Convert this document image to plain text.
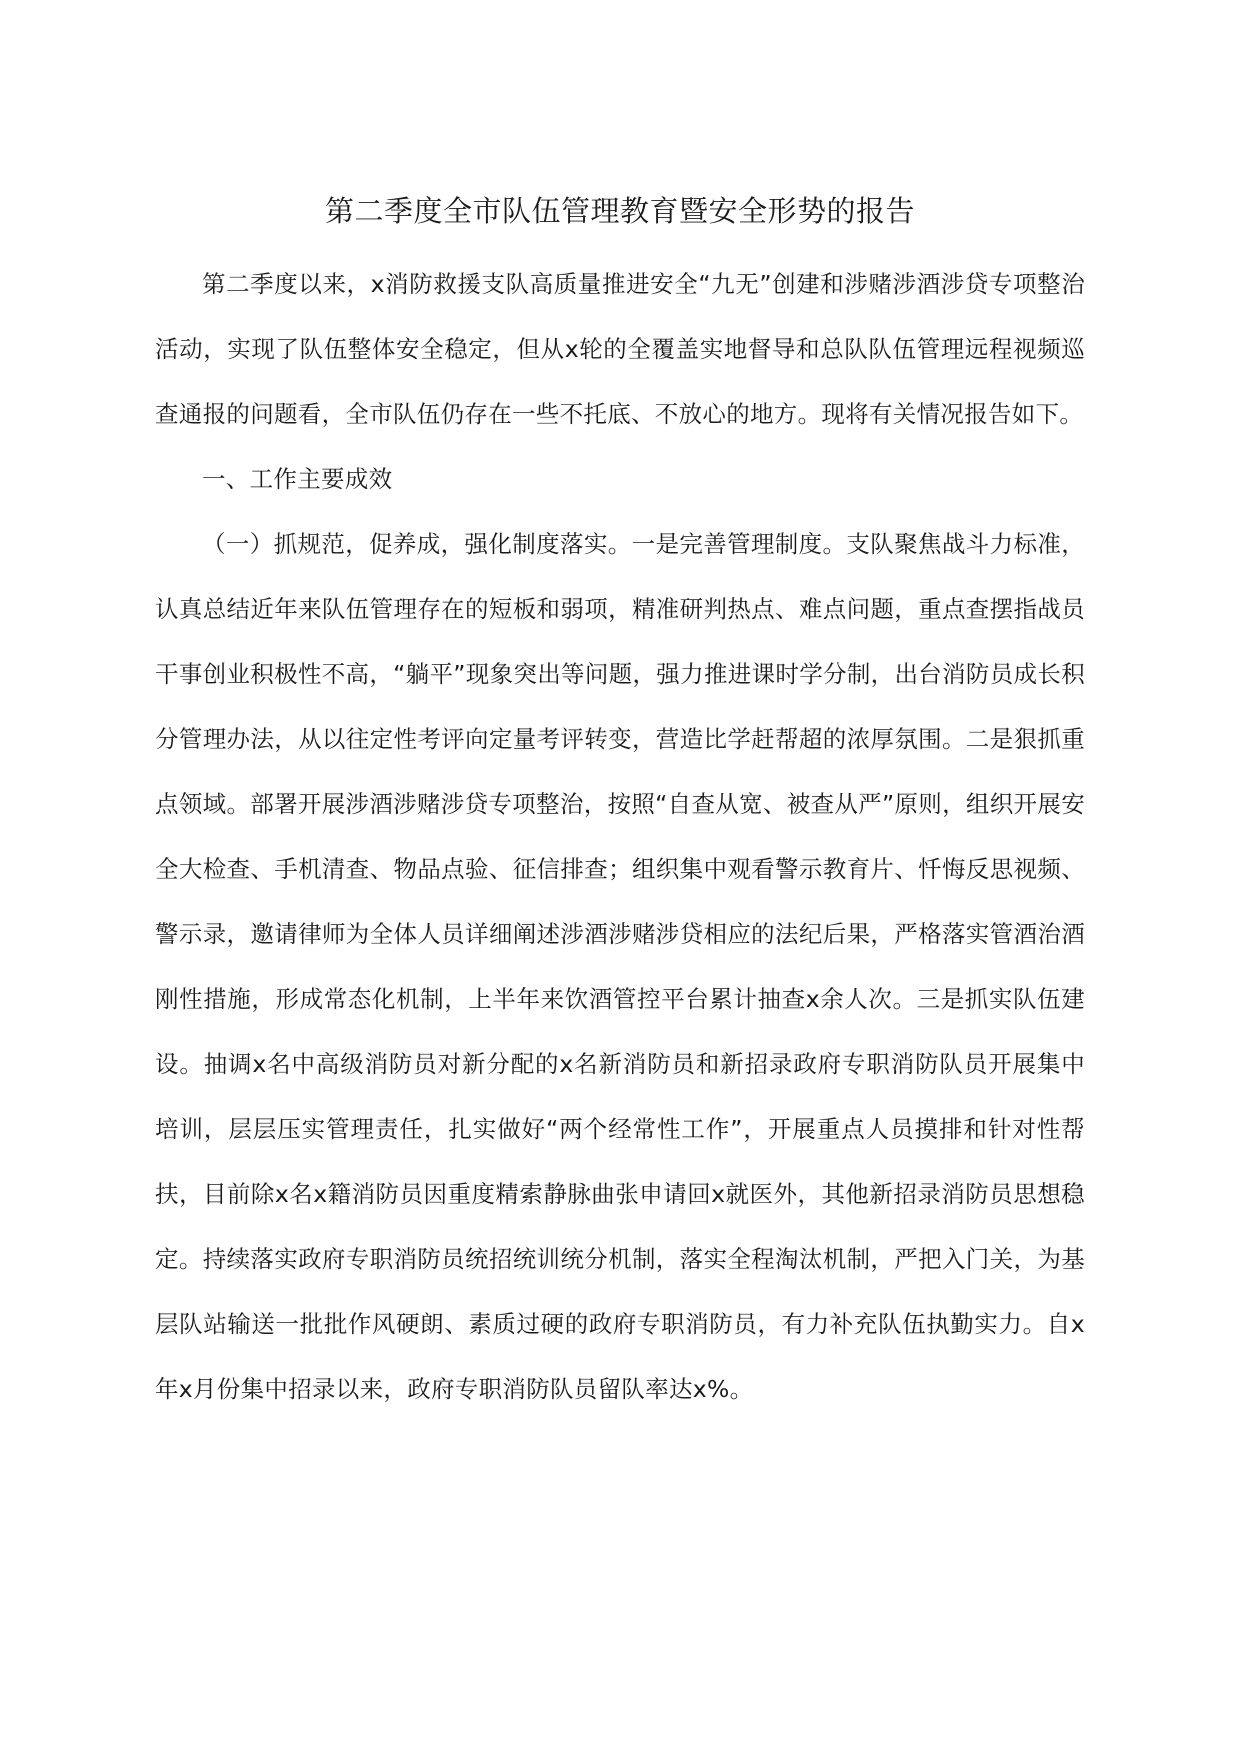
第二季度全市队伍管理教育暨安全形势的报告

第二季度以来，x消防救援支队高质量推进安全“九无”创建和涉赌涉酒涉贷专项整治活动，实现了队伍整体安全稳定，但从x轮的全覆盖实地督导和总队队伍管理远程视频巡查通报的问题看，全市队伍仍存在一些不托底、不放心的地方。现将有关情况报告如下。

一、工作主要成效

（一）抓规范，促养成，强化制度落实。一是完善管理制度。支队聚焦战斗力标准，认真总结近年来队伍管理存在的短板和弱项，精准研判热点、难点问题，重点查摆指战员干事创业积极性不高，“躺平”现象突出等问题，强力推进课时学分制，出台消防员成长积分管理办法，从以往定性考评向定量考评转变，营造比学赶帮超的浓厚氛围。二是狠抓重点领域。部署开展涉酒涉赌涉贷专项整治，按照“自查从宽、被查从严”原则，组织开展安全大检查、手机清查、物品点验、征信排查；组织集中观看警示教育片、忏悔反思视频、警示录，邀请律师为全体人员详细阐述涉酒涉赌涉贷相应的法纪后果，严格落实管酒治酒刚性措施，形成常态化机制，上半年来饮酒管控平台累计抽查x余人次。三是抓实队伍建设。抽调x名中高级消防员对新分配的x名新消防员和新招录政府专职消防队员开展集中培训，层层压实管理责任，扎实做好“两个经常性工作”，开展重点人员摸排和针对性帮扶，目前除x名x籍消防员因重度精索静脉曲张申请回x就医外，其他新招录消防员思想稳定。持续落实政府专职消防员统招统训统分机制，落实全程淘汰机制，严把入门关，为基层队站输送一批批作风硬朗、素质过硬的政府专职消防员，有力补充队伍执勤实力。自x年x月份集中招录以来，政府专职消防队员留队率达x%。
